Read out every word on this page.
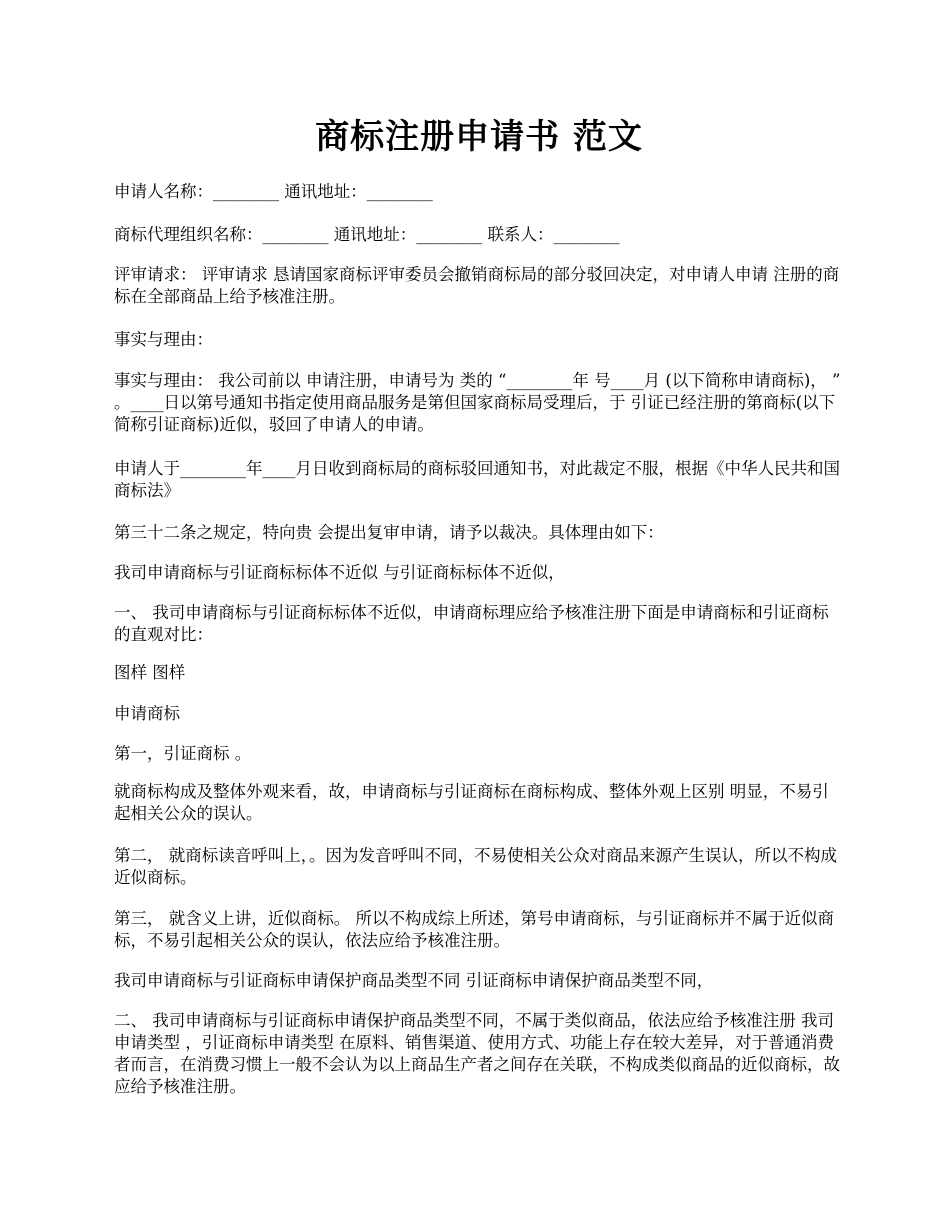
商标注册申请书 范文

申请人名称：________ 通讯地址：________

商标代理组织名称：________ 通讯地址：________ 联系人：________

评审请求： 评审请求 恳请国家商标评审委员会撤销商标局的部分驳回决定，对申请人申请 注册的商标在全部商品上给予核准注册。

事实与理由：

事实与理由： 我公司前以 申请注册，申请号为 类的 “________年 号____月 (以下简称申请商标)， ” 。____日以第号通知书指定使用商品服务是第但国家商标局受理后，于 引证已经注册的第商标(以下简称引证商标)近似，驳回了申请人的申请。

申请人于________年____月日收到商标局的商标驳回通知书，对此裁定不服，根据《中华人民共和国商标法》

第三十二条之规定，特向贵 会提出复审申请，请予以裁决。具体理由如下：

我司申请商标与引证商标标体不近似 与引证商标标体不近似，

一、 我司申请商标与引证商标标体不近似，申请商标理应给予核准注册下面是申请商标和引证商标的直观对比：

图样 图样

申请商标

第一，引证商标 。

就商标构成及整体外观来看，故，申请商标与引证商标在商标构成、整体外观上区别 明显，不易引起相关公众的误认。

第二， 就商标读音呼叫上，。因为发音呼叫不同，不易使相关公众对商品来源产生误认，所以不构成 近似商标。

第三， 就含义上讲，近似商标。 所以不构成综上所述，第号申请商标，与引证商标并不属于近似商标，不易引起相关公众的误认，依法应给予核准注册。

我司申请商标与引证商标申请保护商品类型不同 引证商标申请保护商品类型不同，

二、 我司申请商标与引证商标申请保护商品类型不同，不属于类似商品，依法应给予核准注册 我司申请类型 ，引证商标申请类型 在原料、销售渠道、使用方式、功能上存在较大差异，对于普通消费者而言，在消费习惯上一般不会认为以上商品生产者之间存在关联，不构成类似商品的近似商标，故应给予核准注册。
